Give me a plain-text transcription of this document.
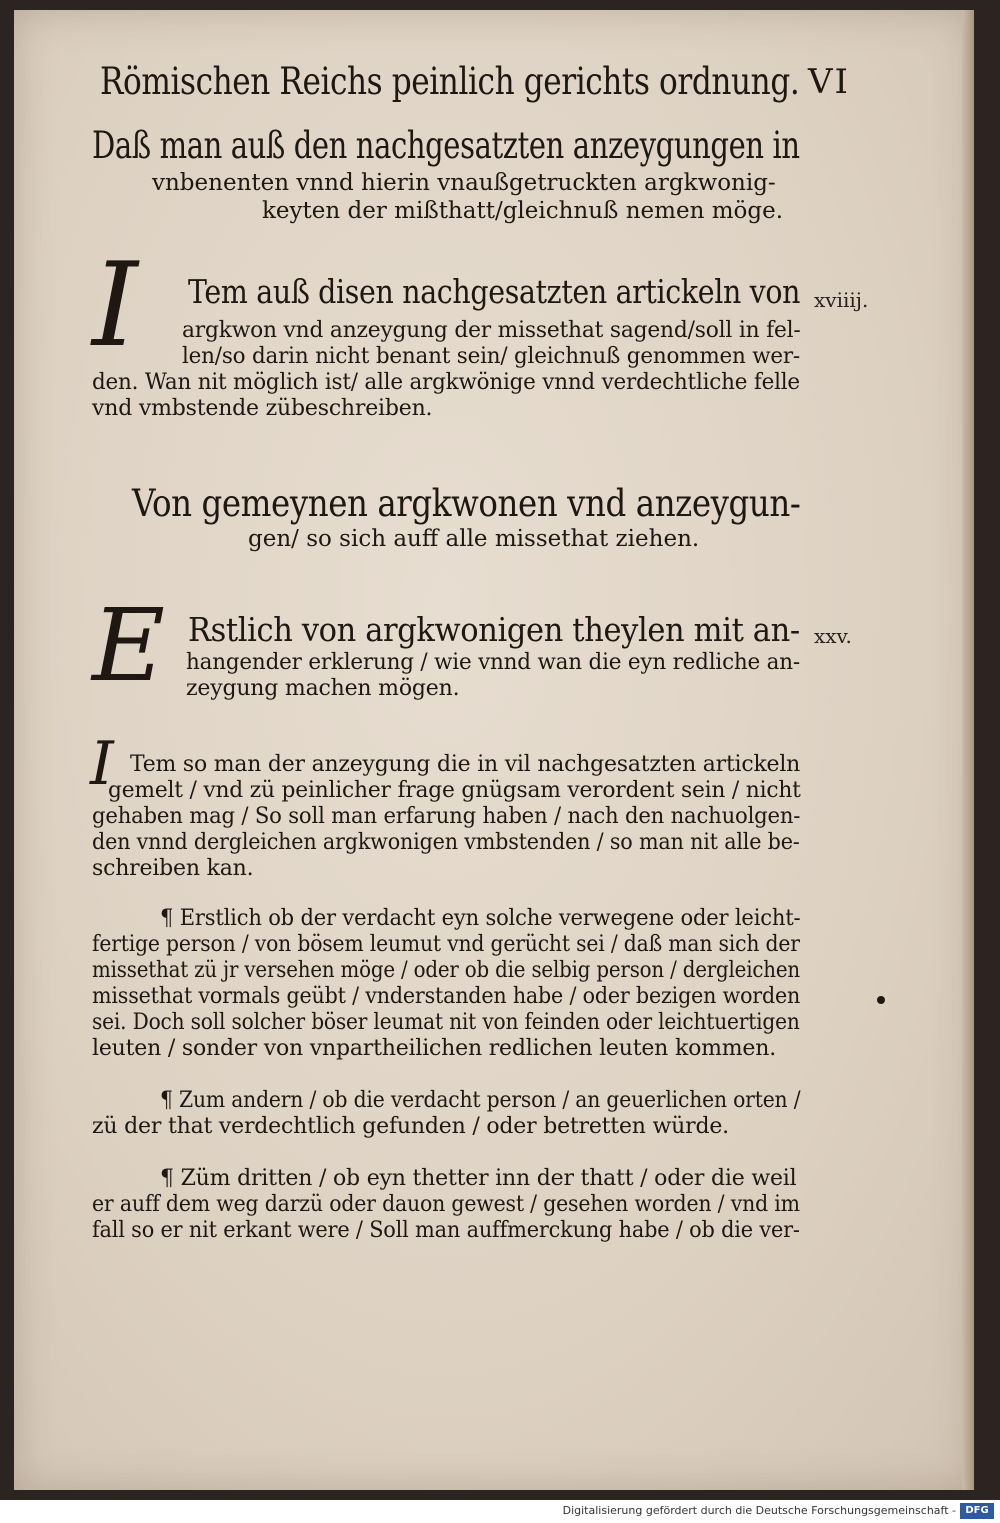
Römischen Reichs peinlich gerichts ordnung. VI

Daß man auß den nachgesatzten anzeygungen in

vnbenenten vnnd hierin vnaußgetruckten argkwonig-

keyten der mißthatt/gleichnuß nemen möge.

I Tem auß disen nachgesatzten artickeln von xviiij.

argkwon vnd anzeygung der missethat sagend/soll in fel-

len/so darin nicht benant sein/ gleichnuß genommen wer-

den. Wan nit möglich ist/ alle argkwönige vnnd verdechtliche felle

vnd vmbstende zübeschreiben.

Von gemeynen argkwonen vnd anzeygun-

gen/ so sich auff alle missethat ziehen.

E Rstlich von argkwonigen theylen mit an- xxv.

hangender erklerung / wie vnnd wan die eyn redliche an-

zeygung machen mögen.

I Tem so man der anzeygung die in vil nachgesatzten artickeln

gemelt / vnd zü peinlicher frage gnügsam verordent sein / nicht

gehaben mag / So soll man erfarung haben / nach den nachuolgen-

den vnnd dergleichen argkwonigen vmbstenden / so man nit alle be-

schreiben kan.

¶ Erstlich ob der verdacht eyn solche verwegene oder leicht-

fertige person / von bösem leumut vnd gerücht sei / daß man sich der

missethat zü jr versehen möge / oder ob die selbig person / dergleichen

missethat vormals geübt / vnderstanden habe / oder bezigen worden

sei. Doch soll solcher böser leumat nit von feinden oder leichtuertigen

leuten / sonder von vnpartheilichen redlichen leuten kommen.

¶ Zum andern / ob die verdacht person / an geuerlichen orten /

zü der that verdechtlich gefunden / oder betretten würde.

¶ Züm dritten / ob eyn thetter inn der thatt / oder die weil

er auff dem weg darzü oder dauon gewest / gesehen worden / vnd im

fall so er nit erkant were / Soll man auffmerckung habe / ob die ver-

Digitalisierung gefördert durch die Deutsche Forschungsgemeinschaft - DFG
